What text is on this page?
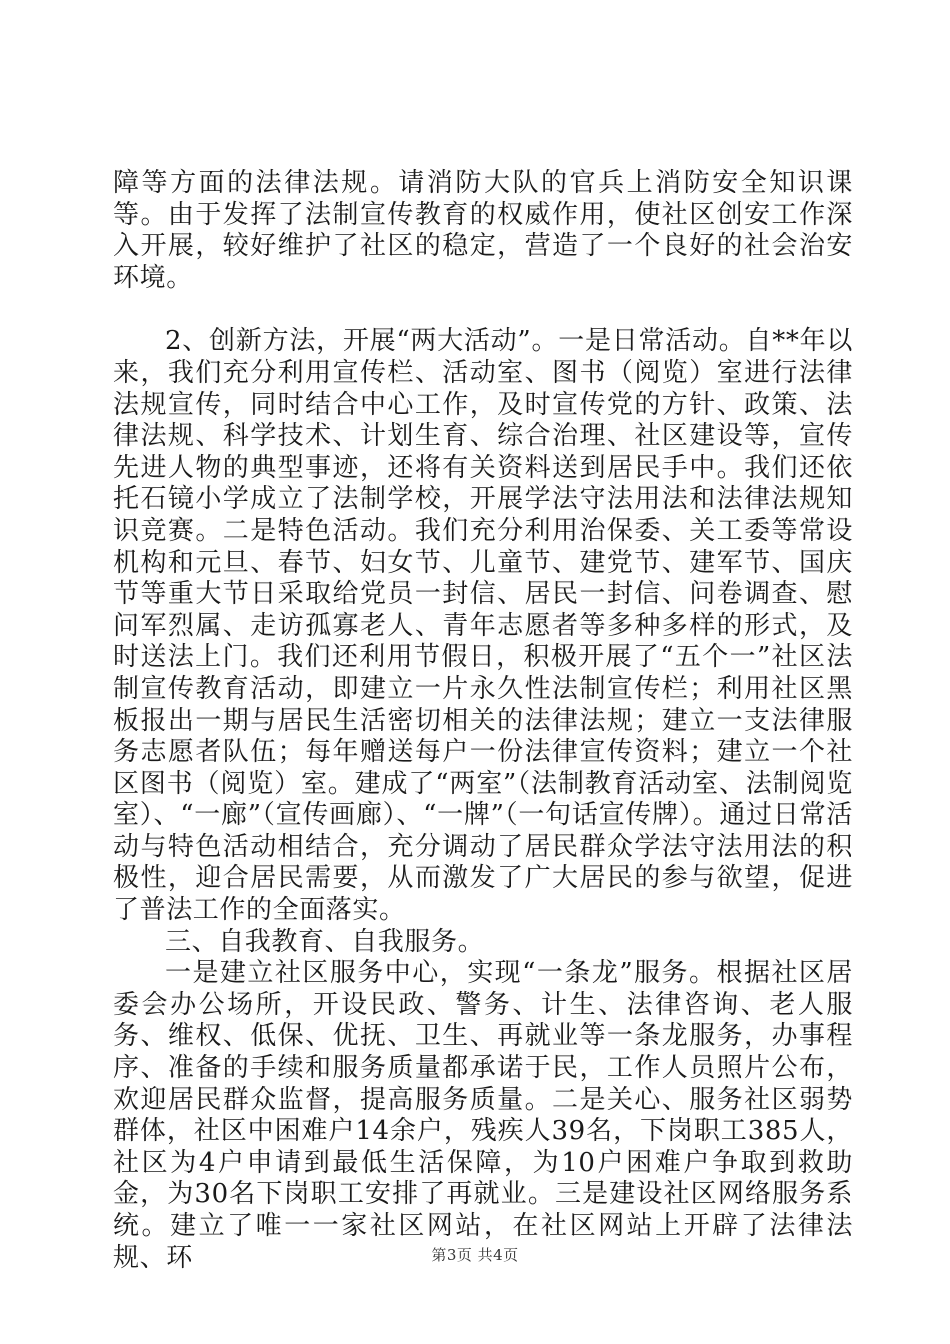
障等方面的法律法规。请消防大队的官兵上消防安全知识课等。由于发挥了法制宣传教育的权威作用，使社区创安工作深入开展，较好维护了社区的稳定，营造了一个良好的社会治安环境。

2、创新方法，开展“两大活动”。一是日常活动。自**年以来，我们充分利用宣传栏、活动室、图书（阅览）室进行法律法规宣传，同时结合中心工作，及时宣传党的方针、政策、法律法规、科学技术、计划生育、综合治理、社区建设等，宣传先进人物的典型事迹，还将有关资料送到居民手中。我们还依托石镜小学成立了法制学校，开展学法守法用法和法律法规知识竞赛。二是特色活动。我们充分利用治保委、关工委等常设机构和元旦、春节、妇女节、儿童节、建党节、建军节、国庆节等重大节日采取给党员一封信、居民一封信、问卷调查、慰问军烈属、走访孤寡老人、青年志愿者等多种多样的形式，及时送法上门。我们还利用节假日，积极开展了“五个一”社区法制宣传教育活动，即建立一片永久性法制宣传栏；利用社区黑板报出一期与居民生活密切相关的法律法规；建立一支法律服务志愿者队伍；每年赠送每户一份法律宣传资料；建立一个社区图书（阅览）室。建成了“两室”（法制教育活动室、法制阅览室）、“一廊”（宣传画廊）、“一牌”（一句话宣传牌）。通过日常活动与特色活动相结合，充分调动了居民群众学法守法用法的积极性，迎合居民需要，从而激发了广大居民的参与欲望，促进了普法工作的全面落实。

三、自我教育、自我服务。

一是建立社区服务中心，实现“一条龙”服务。根据社区居委会办公场所，开设民政、警务、计生、法律咨询、老人服务、维权、低保、优抚、卫生、再就业等一条龙服务，办事程序、准备的手续和服务质量都承诺于民，工作人员照片公布，欢迎居民群众监督，提高服务质量。二是关心、服务社区弱势群体，社区中困难户14余户，残疾人39名，下岗职工385人，社区为4户申请到最低生活保障，为10户困难户争取到救助金，为30名下岗职工安排了再就业。三是建设社区网络服务系统。建立了唯一一家社区网站，在社区网站上开辟了法律法规、环	第3页 共4页
